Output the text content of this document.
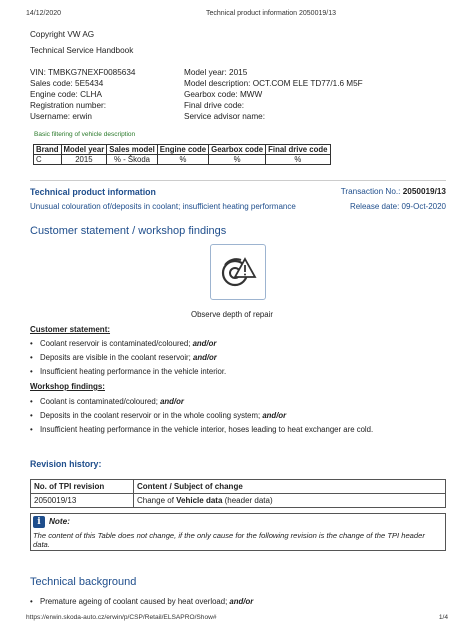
14/12/2020	Technical product information 2050019/13
Copyright VW AG
Technical Service Handbook
VIN: TMBKG7NEXF0085634
Sales code: 5E5434
Engine code: CLHA
Registration number:
Username: erwin
Model year: 2015
Model description: OCT.COM ELE TD77/1.6 M5F
Gearbox code: MWW
Final drive code:
Service advisor name:
Basic filtering of vehicle description
Brand	Model year	Sales model	Engine code	Gearbox code	Final drive code
C	2015	% - Škoda	%	%	%
Technical product information	Transaction No.: 2050019/13
Unusual colouration of/deposits in coolant; insufficient heating performance	Release date: 09-Oct-2020
Customer statement / workshop findings
Observe depth of repair
Customer statement:
• Coolant reservoir is contaminated/coloured; and/or
• Deposits are visible in the coolant reservoir; and/or
• Insufficient heating performance in the vehicle interior.
Workshop findings:
• Coolant is contaminated/coloured; and/or
• Deposits in the coolant reservoir or in the whole cooling system; and/or
• Insufficient heating performance in the vehicle interior, hoses leading to heat exchanger are cold.
Revision history:
No. of TPI revision	Content / Subject of change
2050019/13	Change of Vehicle data (header data)
i	Note:
The content of this Table does not change, if the only cause for the following revision is the change of the TPI header data.
Technical background
• Premature ageing of coolant caused by heat overload; and/or
https://erwin.skoda-auto.cz/erwin/p/CSP/Retail/ELSAPRO/Show#	1/4
